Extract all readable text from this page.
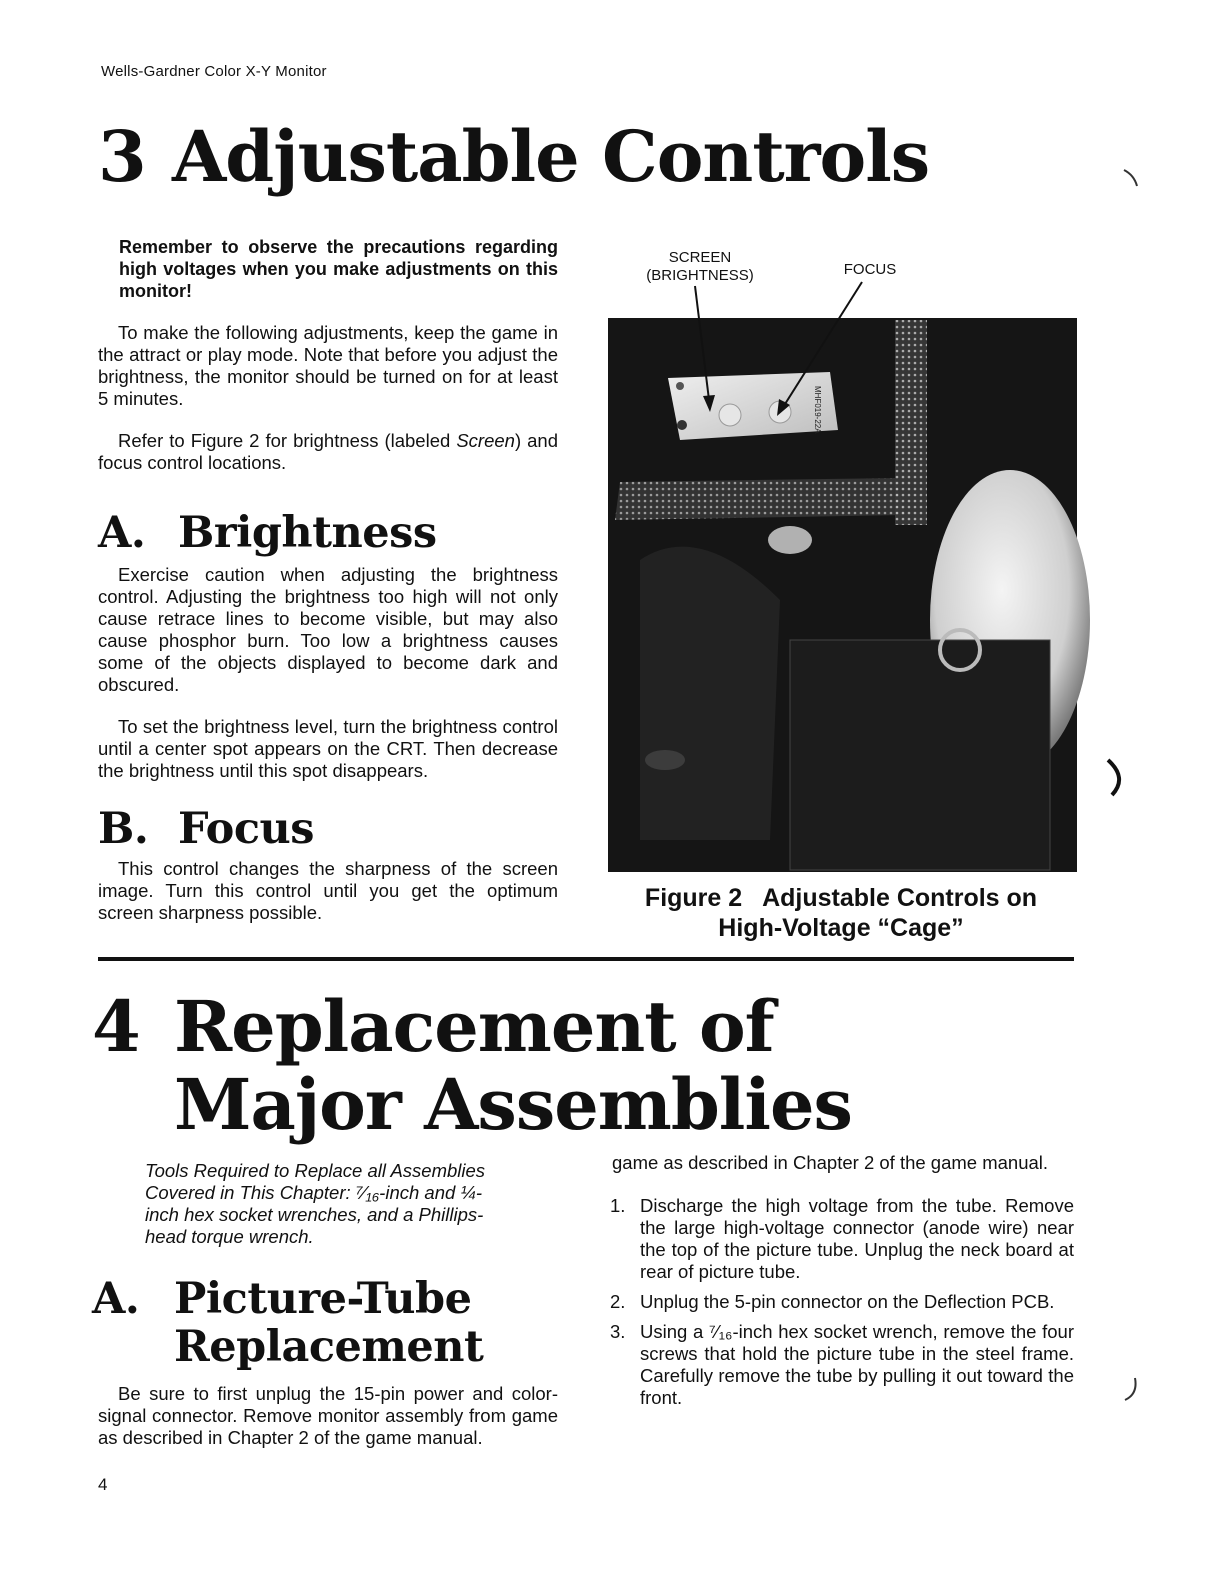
Wells-Gardner Color X-Y Monitor
3 Adjustable Controls

Remember to observe the precautions regarding high voltages when you make adjustments on this monitor!

To make the following adjustments, keep the game in the attract or play mode. Note that before you adjust the brightness, the monitor should be turned on for at least 5 minutes.

Refer to Figure 2 for brightness (labeled Screen) and focus control locations.

A. Brightness

Exercise caution when adjusting the brightness control. Adjusting the brightness too high will not only cause retrace lines to become visible, but may also cause phosphor burn. Too low a brightness causes some of the objects displayed to become dark and obscured.

To set the brightness level, turn the brightness control until a center spot appears on the CRT. Then decrease the brightness until this spot disappears.

B. Focus

This control changes the sharpness of the screen image. Turn this control until you get the optimum screen sharpness possible.

SCREEN
(BRIGHTNESS)	FOCUS
MHF019-22A
Figure 2   Adjustable Controls on
High-Voltage “Cage”
4 Replacement of
Major Assemblies

Tools Required to Replace all Assemblies Covered in This Chapter: ⁷⁄₁₆-inch and ¼-inch hex socket wrenches, and a Phillips-head torque wrench.

A. Picture-Tube
Replacement

Be sure to first unplug the 15-pin power and color-signal connector. Remove monitor assembly from game as described in Chapter 2 of the game manual.

game as described in Chapter 2 of the game manual.

1. Discharge the high voltage from the tube. Remove the large high-voltage connector (anode wire) near the top of the picture tube. Unplug the neck board at rear of picture tube.
2. Unplug the 5-pin connector on the Deflection PCB.
3. Using a ⁷⁄₁₆-inch hex socket wrench, remove the four screws that hold the picture tube in the steel frame. Carefully remove the tube by pulling it out toward the front.
4
